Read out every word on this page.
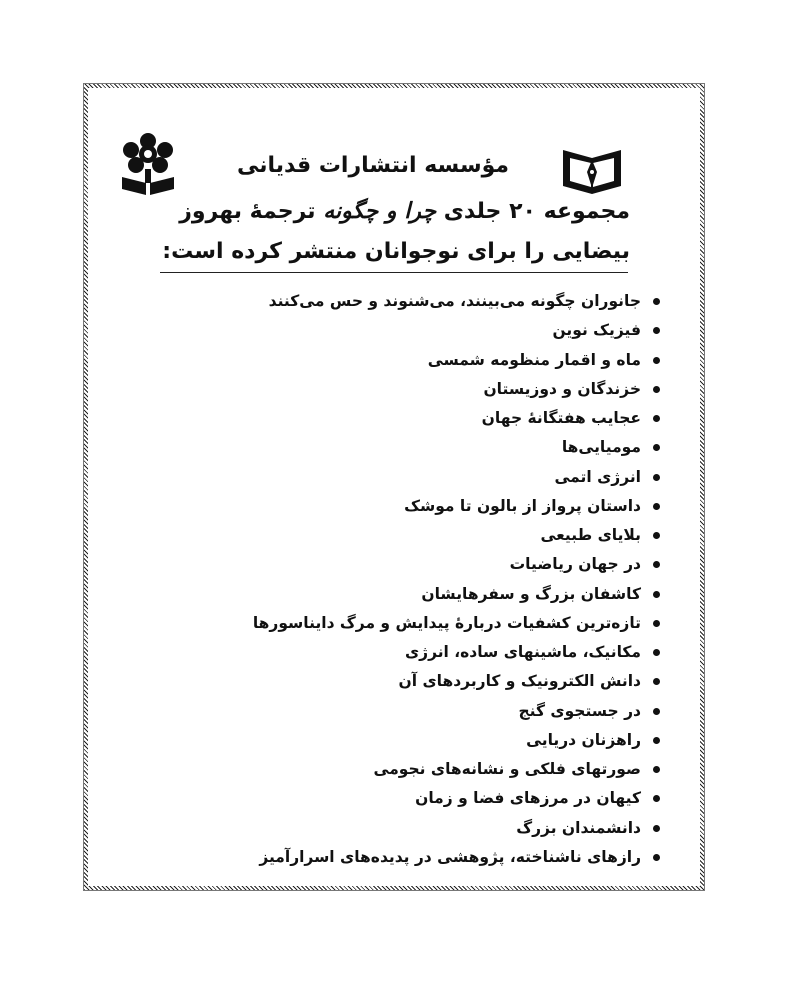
مؤسسه انتشارات قدیانی

مجموعه ۲۰ جلدی چرا و چگونه ترجمهٔ بهروز بیضایی را برای نوجوانان منتشر کرده است:

جانوران چگونه می‌بینند، می‌شنوند و حس می‌کنند
فیزیک نوین
ماه و اقمار منظومه شمسی
خزندگان و دوزیستان
عجایب هفتگانهٔ جهان
مومیایی‌ها
انرژی اتمی
داستان پرواز از بالون تا موشک
بلایای طبیعی
در جهان ریاضیات
کاشفان بزرگ و سفرهایشان
تازه‌ترین کشفیات دربارهٔ پیدایش و مرگ دایناسورها
مکانیک، ماشینهای ساده، انرژی
دانش الکترونیک و کاربردهای آن
در جستجوی گنج
راهزنان دریایی
صورتهای فلکی و نشانه‌های نجومی
کیهان در مرزهای فضا و زمان
دانشمندان بزرگ
رازهای ناشناخته، پژوهشی در پدیده‌های اسرارآمیز
